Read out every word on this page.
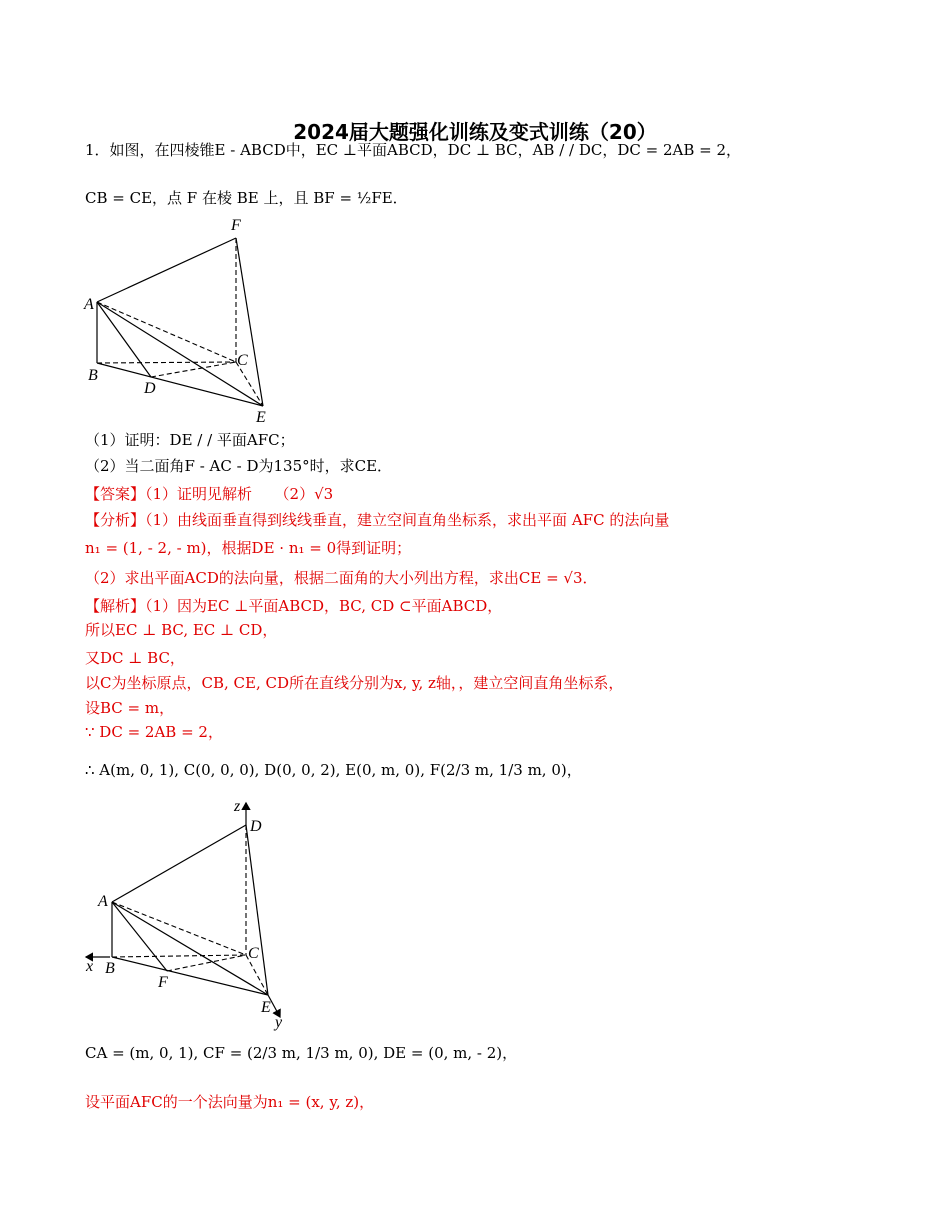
2024届大题强化训练及变式训练（20）
1．如图，在四棱锥E - ABCD中，EC ⊥平面ABCD，DC ⊥ BC，AB / / DC，DC = 2AB = 2，
CB = CE，点 F 在棱 BE 上，且 BF = ½FE．
F
A
C
B
D
E
（1）证明：DE / / 平面AFC；
（2）当二面角F - AC - D为135°时，求CE．
【答案】（1）证明见解析　　（2）√3
【分析】（1）由线面垂直得到线线垂直，建立空间直角坐标系，求出平面 AFC 的法向量
n₁ = (1, - 2, - m)，根据DE · n₁ = 0得到证明；
（2）求出平面ACD的法向量，根据二面角的大小列出方程，求出CE = √3．
【解析】（1）因为EC ⊥平面ABCD，BC, CD ⊂平面ABCD，
所以EC ⊥ BC, EC ⊥ CD，
又DC ⊥ BC，
以C为坐标原点，CB, CE, CD所在直线分别为x, y, z轴，，建立空间直角坐标系，
设BC = m，
∵ DC = 2AB = 2，
∴ A(m, 0, 1), C(0, 0, 0), D(0, 0, 2), E(0, m, 0), F(2/3 m, 1/3 m, 0)，
z
D
A
x B
C
F
E
y
CA = (m, 0, 1), CF = (2/3 m, 1/3 m, 0), DE = (0, m, - 2)，
设平面AFC的一个法向量为n₁ = (x, y, z)，
